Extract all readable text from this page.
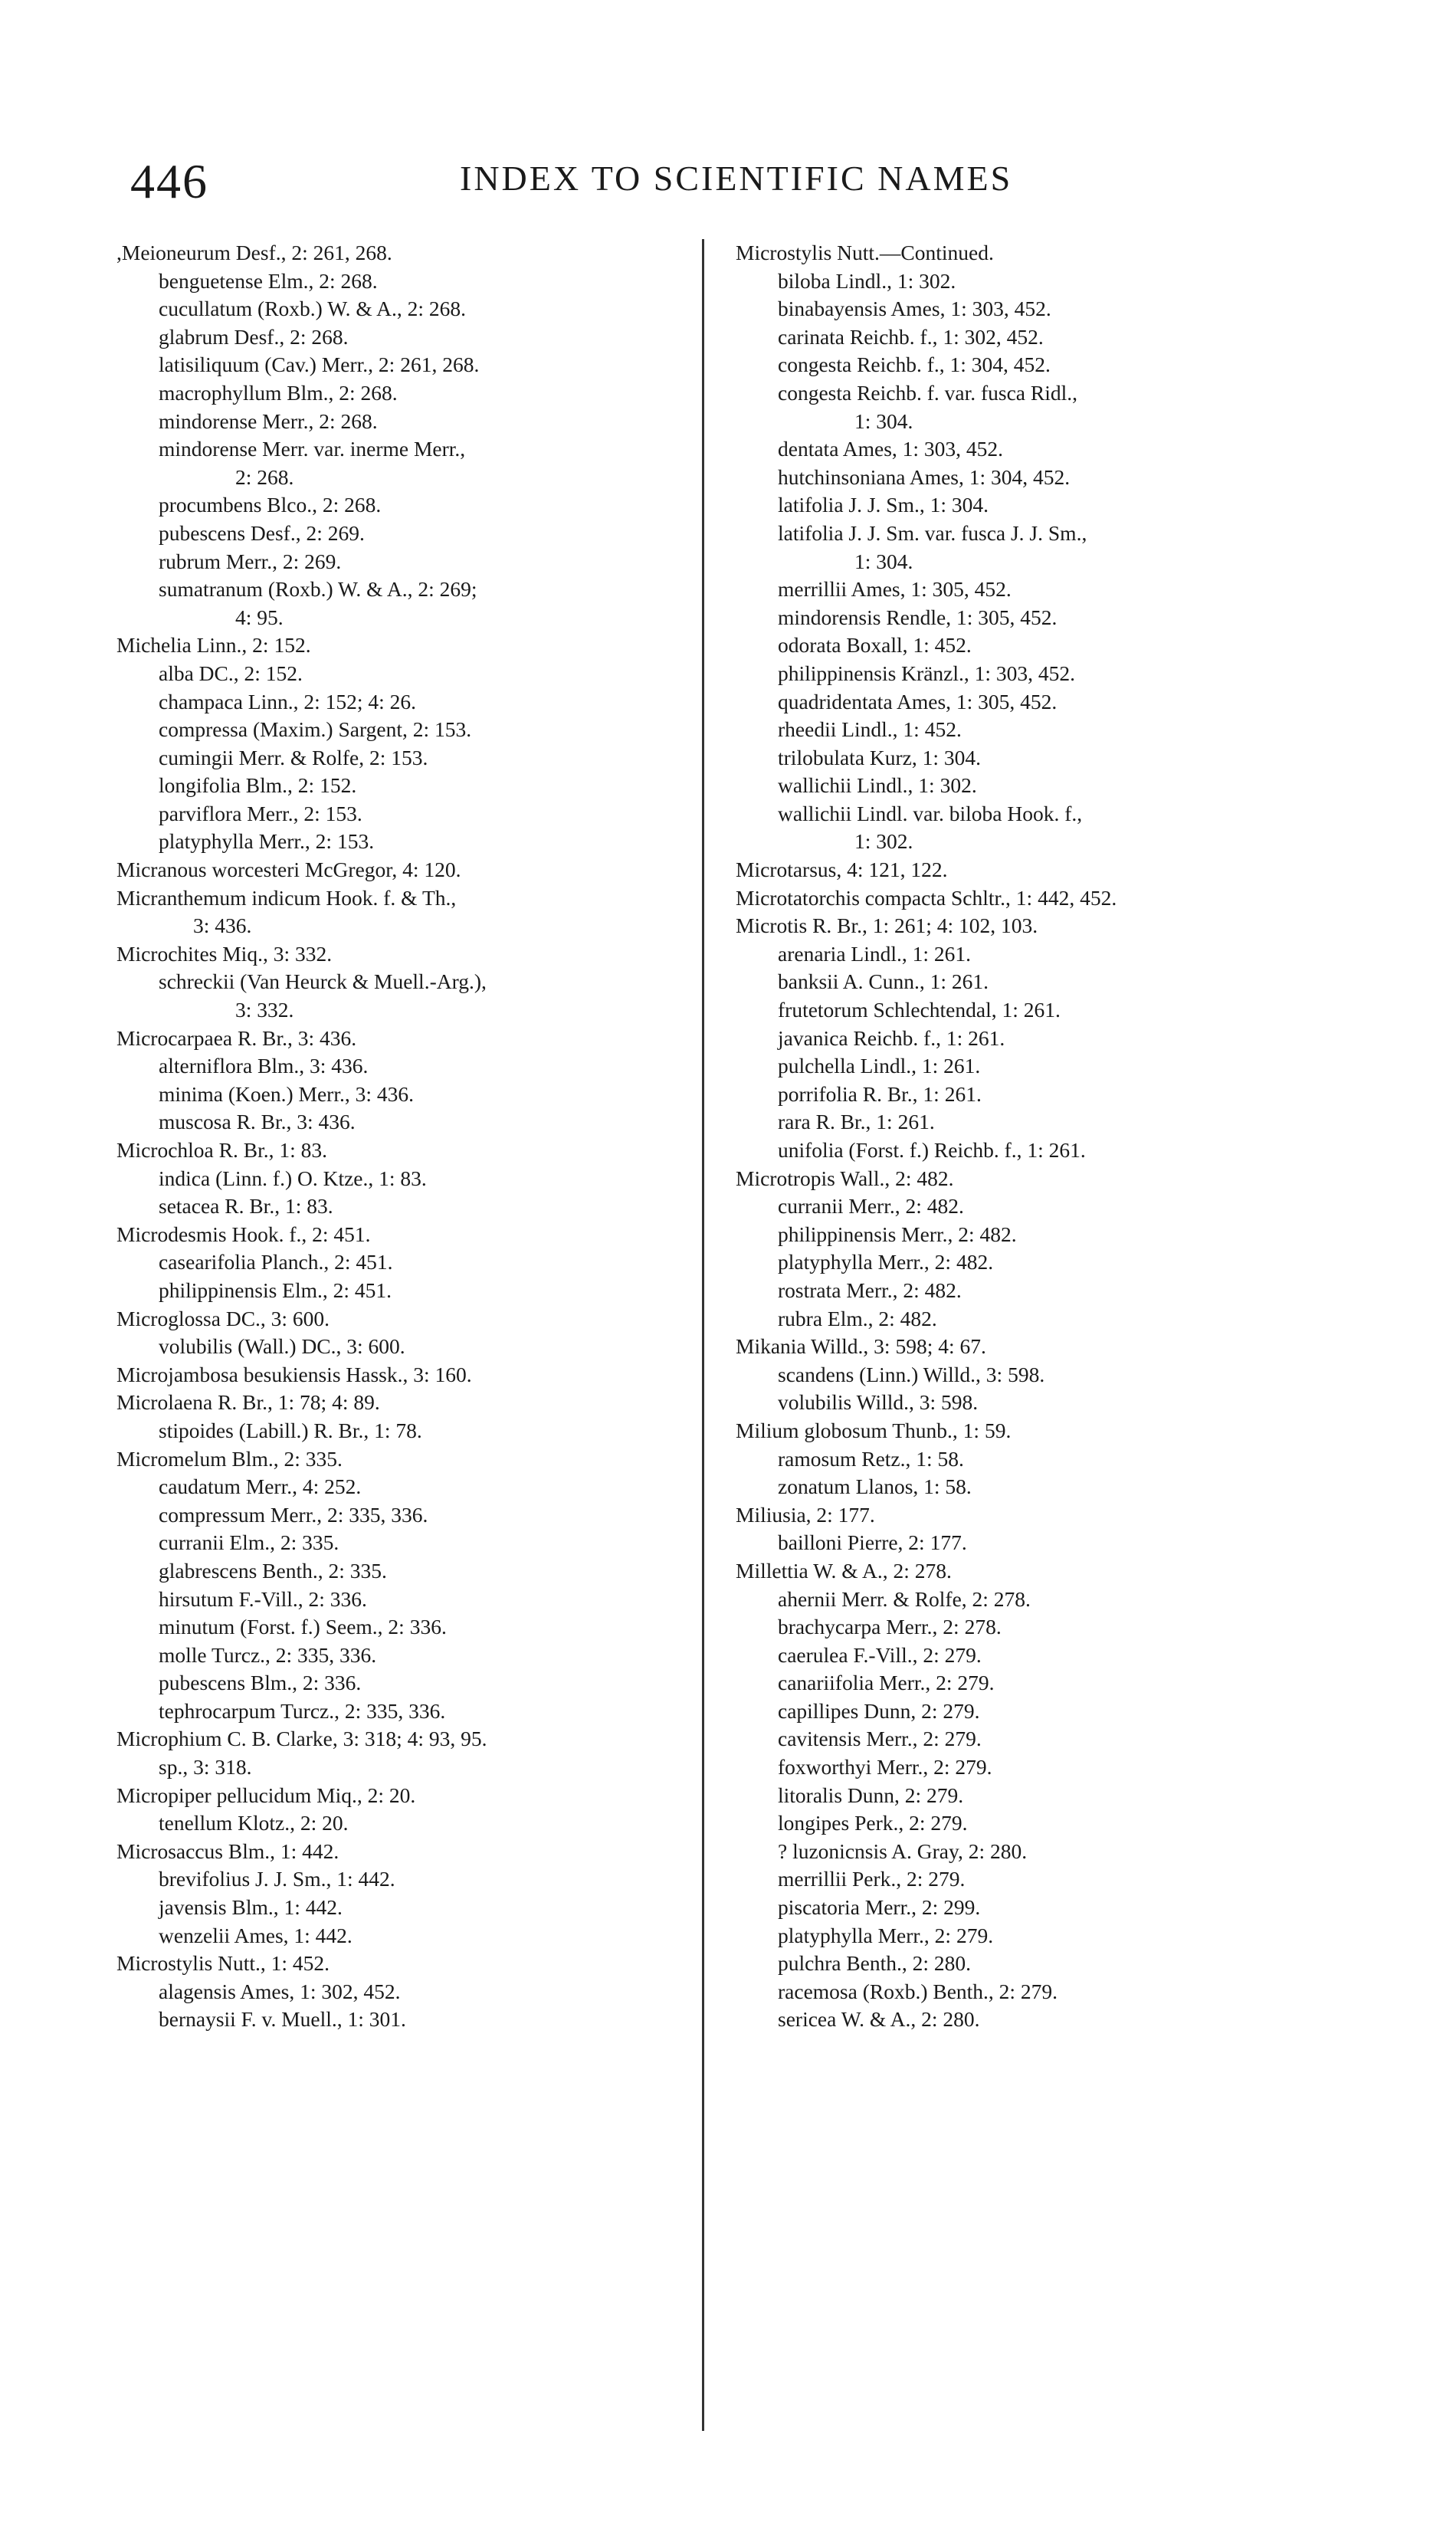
446	INDEX TO SCIENTIFIC NAMES
,Meioneurum Desf., 2: 261, 268.
benguetense Elm., 2: 268.
cucullatum (Roxb.) W. & A., 2: 268.
glabrum Desf., 2: 268.
latisiliquum (Cav.) Merr., 2: 261, 268.
macrophyllum Blm., 2: 268.
mindorense Merr., 2: 268.
mindorense Merr. var. inerme Merr.,
2: 268.
procumbens Blco., 2: 268.
pubescens Desf., 2: 269.
rubrum Merr., 2: 269.
sumatranum (Roxb.) W. & A., 2: 269;
4: 95.
Michelia Linn., 2: 152.
alba DC., 2: 152.
champaca Linn., 2: 152; 4: 26.
compressa (Maxim.) Sargent, 2: 153.
cumingii Merr. & Rolfe, 2: 153.
longifolia Blm., 2: 152.
parviflora Merr., 2: 153.
platyphylla Merr., 2: 153.
Micranous worcesteri McGregor, 4: 120.
Micranthemum indicum Hook. f. & Th.,
3: 436.
Microchites Miq., 3: 332.
schreckii (Van Heurck & Muell.-Arg.),
3: 332.
Microcarpaea R. Br., 3: 436.
alterniflora Blm., 3: 436.
minima (Koen.) Merr., 3: 436.
muscosa R. Br., 3: 436.
Microchloa R. Br., 1: 83.
indica (Linn. f.) O. Ktze., 1: 83.
setacea R. Br., 1: 83.
Microdesmis Hook. f., 2: 451.
casearifolia Planch., 2: 451.
philippinensis Elm., 2: 451.
Microglossa DC., 3: 600.
volubilis (Wall.) DC., 3: 600.
Microjambosa besukiensis Hassk., 3: 160.
Microlaena R. Br., 1: 78; 4: 89.
stipoides (Labill.) R. Br., 1: 78.
Micromelum Blm., 2: 335.
caudatum Merr., 4: 252.
compressum Merr., 2: 335, 336.
curranii Elm., 2: 335.
glabrescens Benth., 2: 335.
hirsutum F.-Vill., 2: 336.
minutum (Forst. f.) Seem., 2: 336.
molle Turcz., 2: 335, 336.
pubescens Blm., 2: 336.
tephrocarpum Turcz., 2: 335, 336.
Microphium C. B. Clarke, 3: 318; 4: 93, 95.
sp., 3: 318.
Micropiper pellucidum Miq., 2: 20.
tenellum Klotz., 2: 20.
Microsaccus Blm., 1: 442.
brevifolius J. J. Sm., 1: 442.
javensis Blm., 1: 442.
wenzelii Ames, 1: 442.
Microstylis Nutt., 1: 452.
alagensis Ames, 1: 302, 452.
bernaysii F. v. Muell., 1: 301.
Microstylis Nutt.—Continued.
biloba Lindl., 1: 302.
binabayensis Ames, 1: 303, 452.
carinata Reichb. f., 1: 302, 452.
congesta Reichb. f., 1: 304, 452.
congesta Reichb. f. var. fusca Ridl.,
1: 304.
dentata Ames, 1: 303, 452.
hutchinsoniana Ames, 1: 304, 452.
latifolia J. J. Sm., 1: 304.
latifolia J. J. Sm. var. fusca J. J. Sm.,
1: 304.
merrillii Ames, 1: 305, 452.
mindorensis Rendle, 1: 305, 452.
odorata Boxall, 1: 452.
philippinensis Kränzl., 1: 303, 452.
quadridentata Ames, 1: 305, 452.
rheedii Lindl., 1: 452.
trilobulata Kurz, 1: 304.
wallichii Lindl., 1: 302.
wallichii Lindl. var. biloba Hook. f.,
1: 302.
Microtarsus, 4: 121, 122.
Microtatorchis compacta Schltr., 1: 442, 452.
Microtis R. Br., 1: 261; 4: 102, 103.
arenaria Lindl., 1: 261.
banksii A. Cunn., 1: 261.
frutetorum Schlechtendal, 1: 261.
javanica Reichb. f., 1: 261.
pulchella Lindl., 1: 261.
porrifolia R. Br., 1: 261.
rara R. Br., 1: 261.
unifolia (Forst. f.) Reichb. f., 1: 261.
Microtropis Wall., 2: 482.
curranii Merr., 2: 482.
philippinensis Merr., 2: 482.
platyphylla Merr., 2: 482.
rostrata Merr., 2: 482.
rubra Elm., 2: 482.
Mikania Willd., 3: 598; 4: 67.
scandens (Linn.) Willd., 3: 598.
volubilis Willd., 3: 598.
Milium globosum Thunb., 1: 59.
ramosum Retz., 1: 58.
zonatum Llanos, 1: 58.
Miliusia, 2: 177.
bailloni Pierre, 2: 177.
Millettia W. & A., 2: 278.
ahernii Merr. & Rolfe, 2: 278.
brachycarpa Merr., 2: 278.
caerulea F.-Vill., 2: 279.
canariifolia Merr., 2: 279.
capillipes Dunn, 2: 279.
cavitensis Merr., 2: 279.
foxworthyi Merr., 2: 279.
litoralis Dunn, 2: 279.
longipes Perk., 2: 279.
? luzonicnsis A. Gray, 2: 280.
merrillii Perk., 2: 279.
piscatoria Merr., 2: 299.
platyphylla Merr., 2: 279.
pulchra Benth., 2: 280.
racemosa (Roxb.) Benth., 2: 279.
sericea W. & A., 2: 280.
